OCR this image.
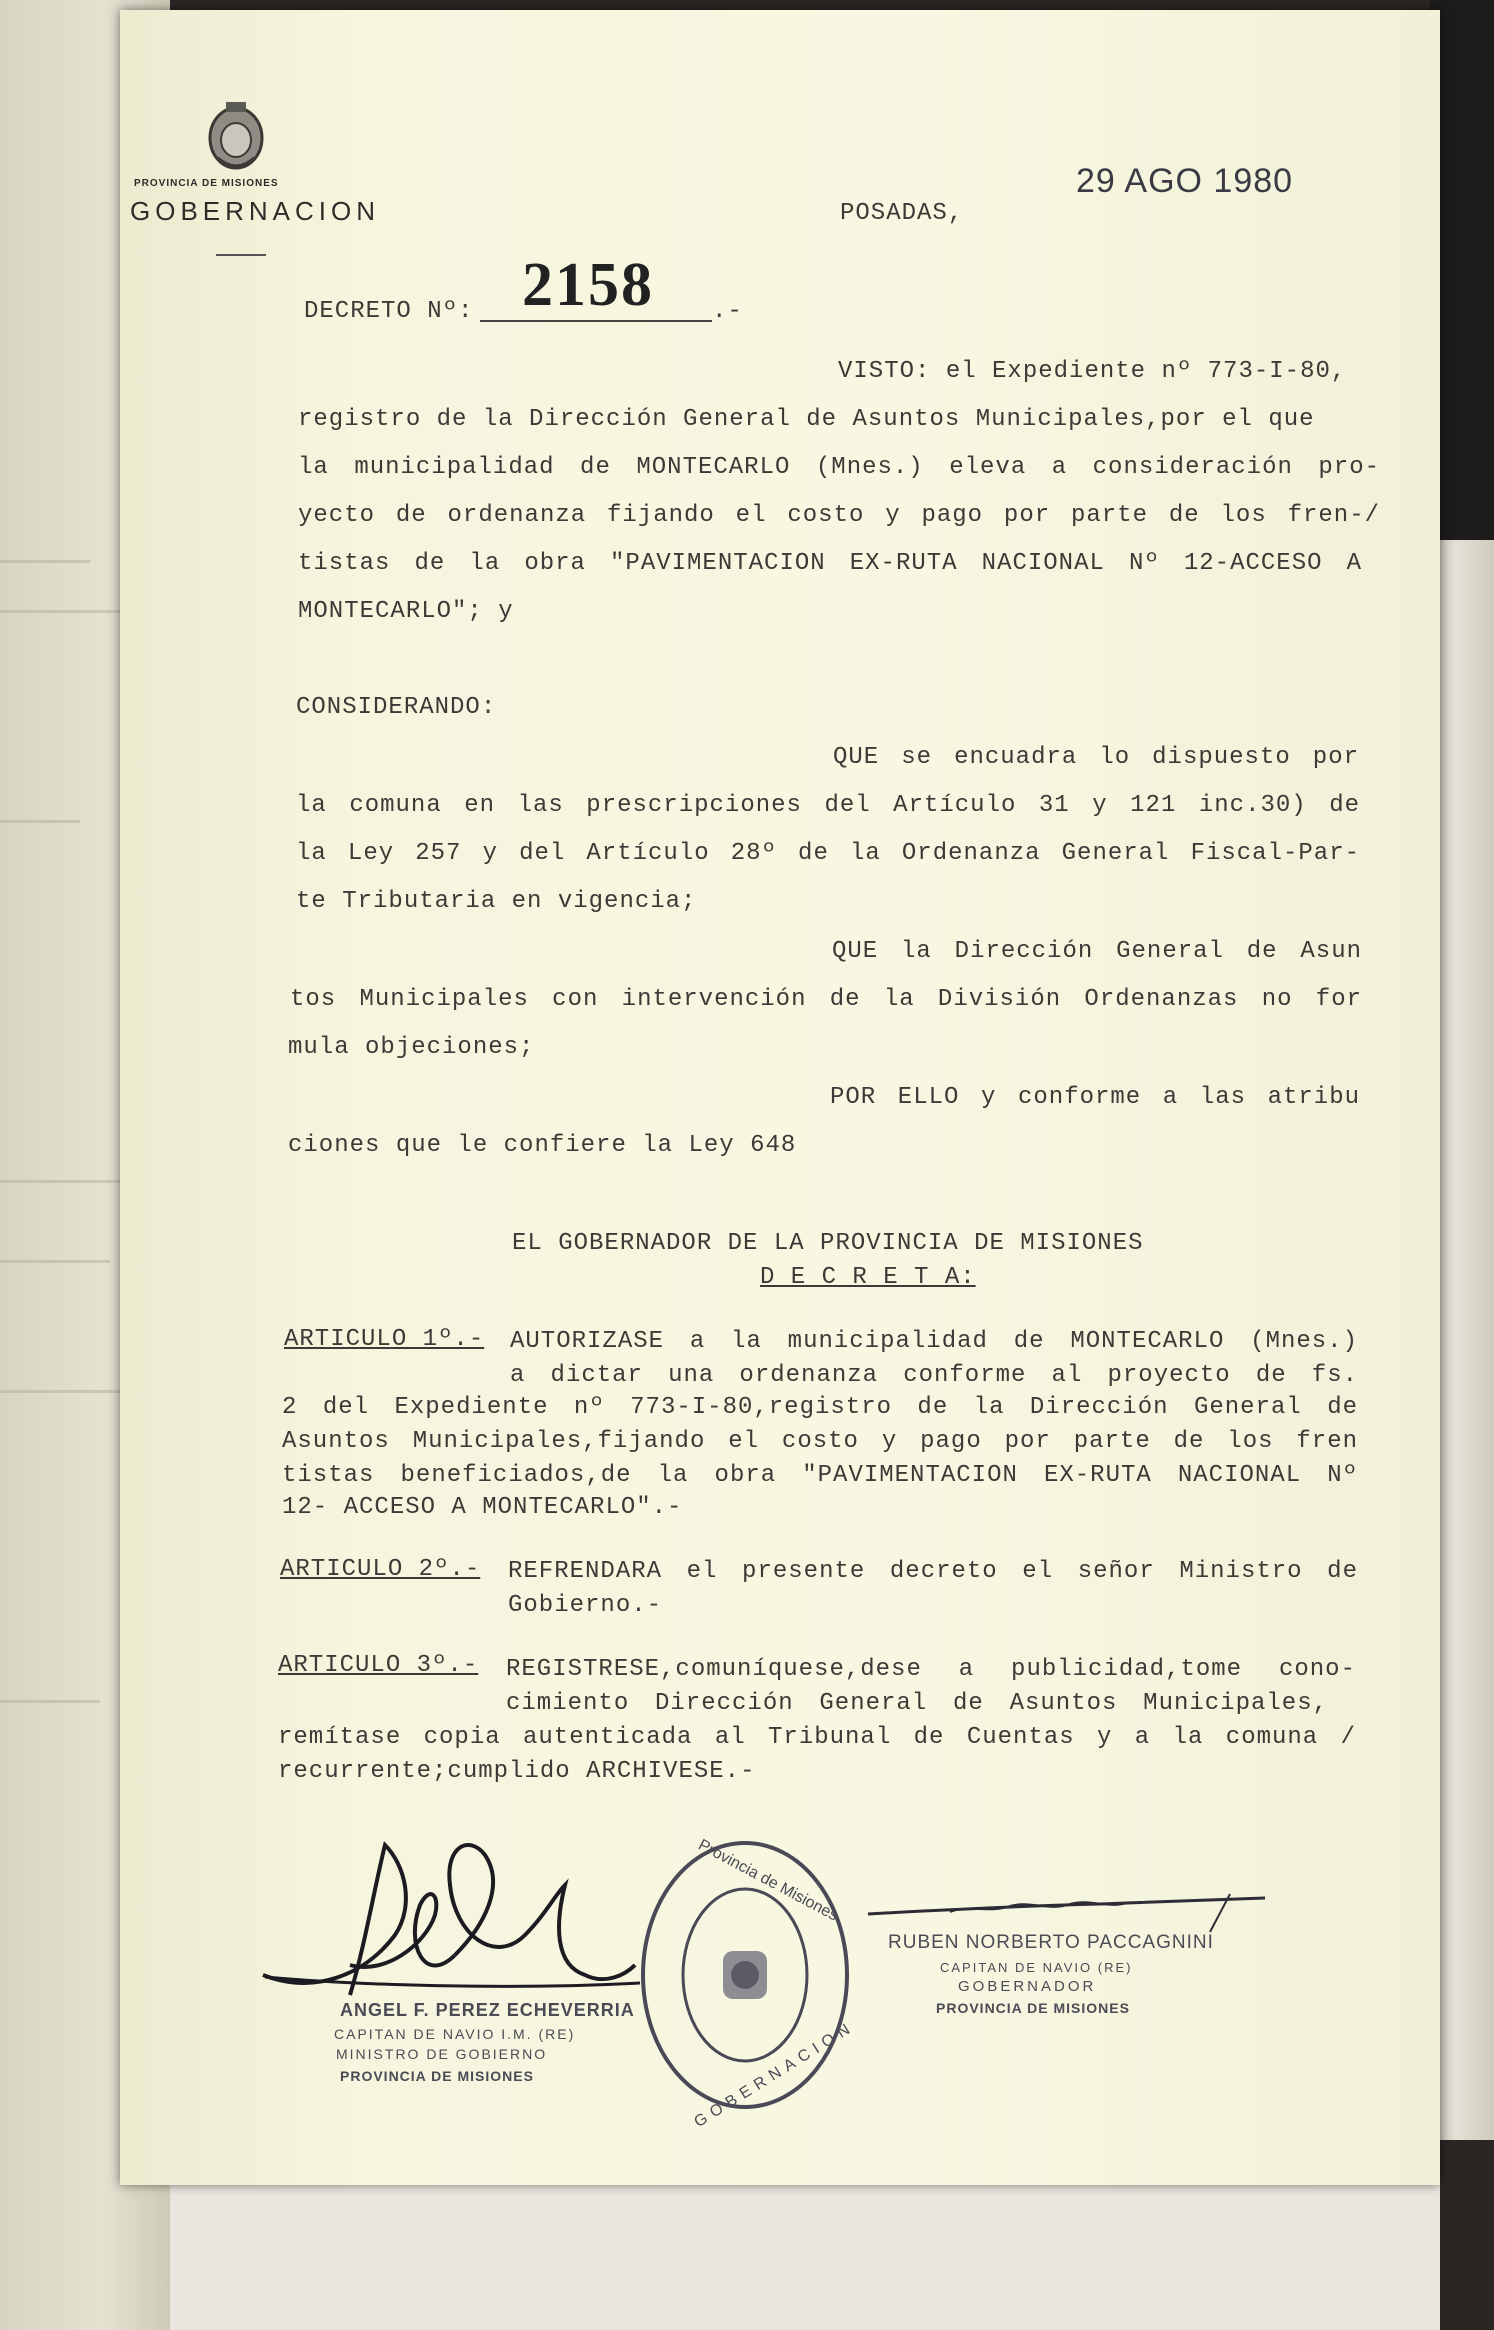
PROVINCIA DE MISIONES
GOBERNACION	POSADAS,
29 AGO 1980
DECRETO Nº: 2158 .-
VISTO: el Expediente nº 773-I-80,
registro de la Dirección General de Asuntos Municipales,por el que
la municipalidad de MONTECARLO (Mnes.) eleva a consideración pro-
yecto de ordenanza fijando el costo y pago por parte de los fren-/
tistas de la obra "PAVIMENTACION EX-RUTA NACIONAL Nº 12-ACCESO A
MONTECARLO"; y
CONSIDERANDO:
QUE se encuadra lo dispuesto por
la comuna en las prescripciones del Artículo 31 y 121 inc.30) de
la Ley 257 y del Artículo 28º de la Ordenanza General Fiscal-Par-
te Tributaria en vigencia;
QUE la Dirección General de Asun
tos Municipales con intervención de la División Ordenanzas no for
mula objeciones;
POR ELLO y conforme a las atribu
ciones que le confiere la Ley 648
EL GOBERNADOR DE LA PROVINCIA DE MISIONES
D E C R E T A:
ARTICULO 1º.- AUTORIZASE a la municipalidad de MONTECARLO (Mnes.)
a dictar una ordenanza conforme al proyecto de fs.
2 del Expediente nº 773-I-80,registro de la Dirección General de
Asuntos Municipales,fijando el costo y pago por parte de los fren
tistas beneficiados,de la obra "PAVIMENTACION EX-RUTA NACIONAL Nº
12- ACCESO A MONTECARLO".-
ARTICULO 2º.- REFRENDARA el presente decreto el señor Ministro de
Gobierno.-
ARTICULO 3º.- REGISTRESE,comuníquese,dese a publicidad,tome cono-
cimiento Dirección General de Asuntos Municipales,
remítase copia autenticada al Tribunal de Cuentas y a la comuna /
recurrente;cumplido ARCHIVESE.-
ANGEL F. PEREZ ECHEVERRIA
CAPITAN DE NAVIO I.M. (RE)
MINISTRO DE GOBIERNO
PROVINCIA DE MISIONES
Provincia de Misiones
GOBERNACION
RUBEN NORBERTO PACCAGNINI
CAPITAN DE NAVIO (RE)
GOBERNADOR
PROVINCIA DE MISIONES
